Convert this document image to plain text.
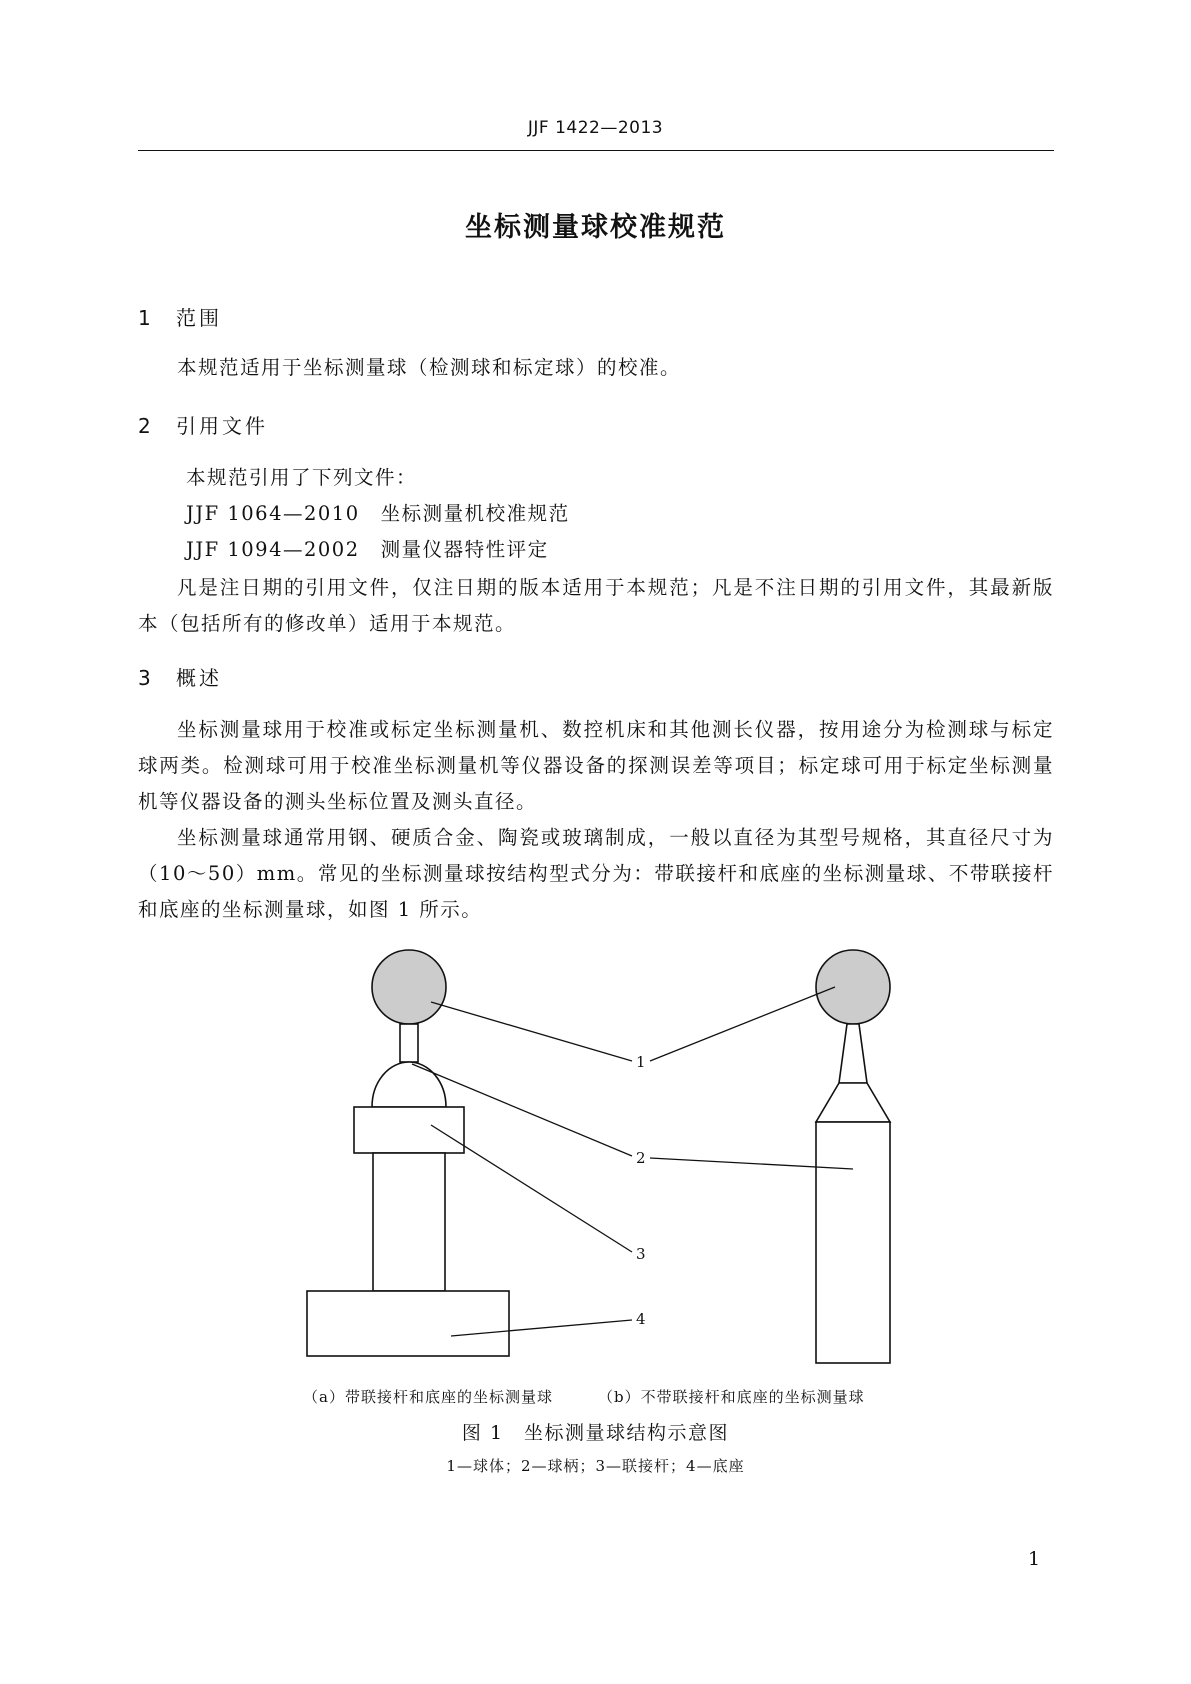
JJF 1422—2013
坐标测量球校准规范
1 范围
本规范适用于坐标测量球（检测球和标定球）的校准。
2 引用文件
本规范引用了下列文件：
JJF 1064—2010　 坐标测量机校准规范
JJF 1094—2002　 测量仪器特性评定
凡是注日期的引用文件，仅注日期的版本适用于本规范；凡是不注日期的引用文件，其最新版本（包括所有的修改单）适用于本规范。
3 概述
坐标测量球用于校准或标定坐标测量机、数控机床和其他测长仪器，按用途分为检测球与标定球两类。检测球可用于校准坐标测量机等仪器设备的探测误差等项目；标定球可用于标定坐标测量机等仪器设备的测头坐标位置及测头直径。
坐标测量球通常用钢、硬质合金、陶瓷或玻璃制成，一般以直径为其型号规格，其直径尺寸为（10～50）mm。常见的坐标测量球按结构型式分为：带联接杆和底座的坐标测量球、不带联接杆和底座的坐标测量球，如图 1 所示。
1
2
3
4
（a）带联接杆和底座的坐标测量球	（b）不带联接杆和底座的坐标测量球
图 1　坐标测量球结构示意图
1—球体；2—球柄；3—联接杆；4—底座
1
